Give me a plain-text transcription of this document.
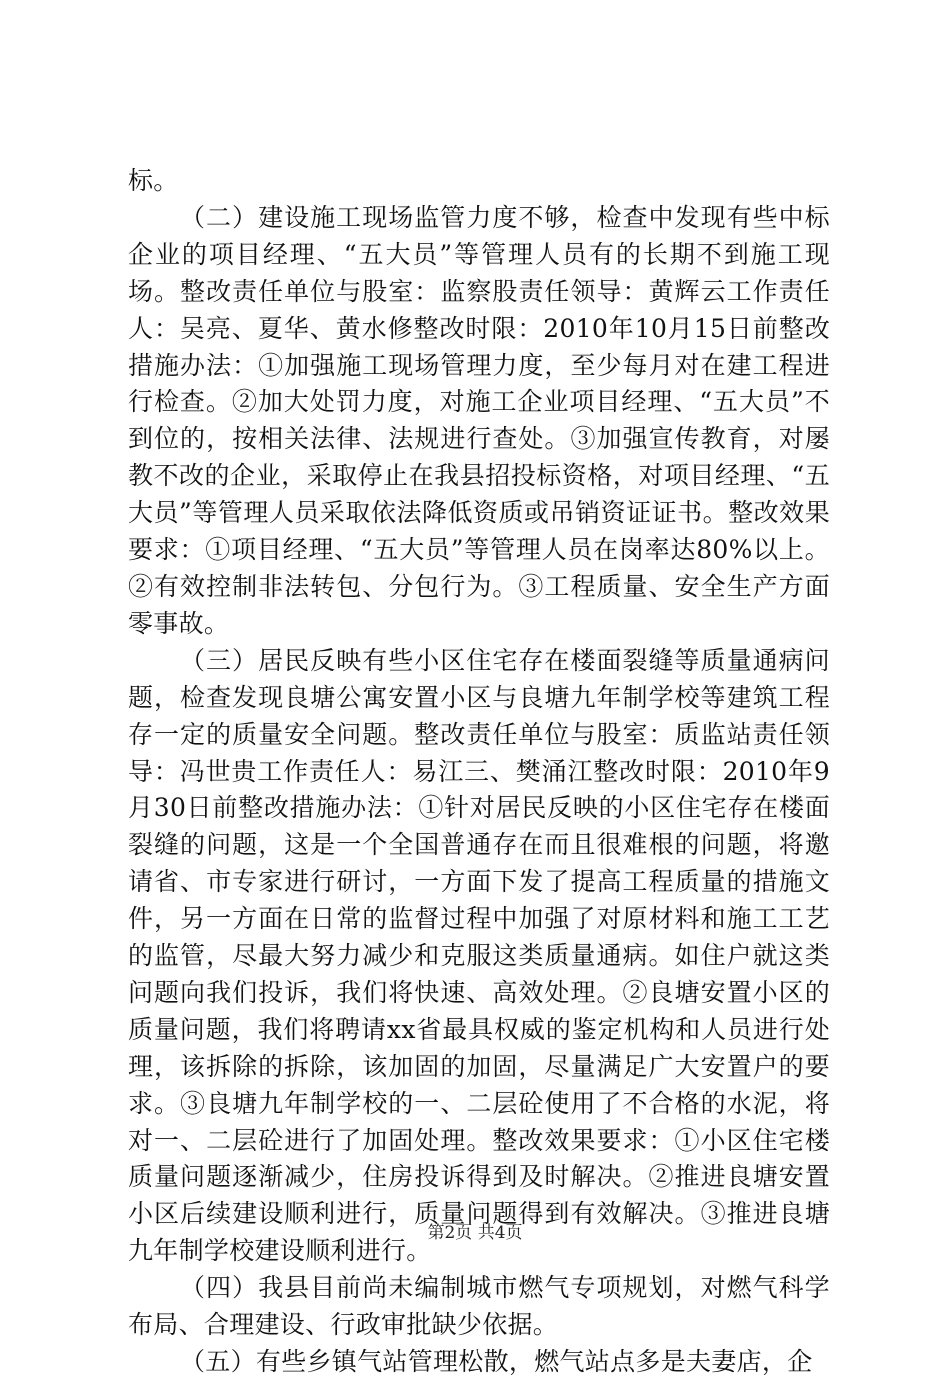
标。

（二）建设施工现场监管力度不够，检查中发现有些中标企业的项目经理、“五大员”等管理人员有的长期不到施工现场。整改责任单位与股室：监察股责任领导：黄辉云工作责任人：吴亮、夏华、黄水修整改时限：2010年10月15日前整改措施办法：①加强施工现场管理力度，至少每月对在建工程进行检查。②加大处罚力度，对施工企业项目经理、“五大员”不到位的，按相关法律、法规进行查处。③加强宣传教育，对屡教不改的企业，采取停止在我县招投标资格，对项目经理、“五大员”等管理人员采取依法降低资质或吊销资证证书。整改效果要求：①项目经理、“五大员”等管理人员在岗率达80%以上。②有效控制非法转包、分包行为。③工程质量、安全生产方面零事故。

（三）居民反映有些小区住宅存在楼面裂缝等质量通病问题，检查发现良塘公寓安置小区与良塘九年制学校等建筑工程存一定的质量安全问题。整改责任单位与股室：质监站责任领导：冯世贵工作责任人：易江三、樊涌江整改时限：2010年9月30日前整改措施办法：①针对居民反映的小区住宅存在楼面裂缝的问题，这是一个全国普通存在而且很难根的问题，将邀请省、市专家进行研讨，一方面下发了提高工程质量的措施文件，另一方面在日常的监督过程中加强了对原材料和施工工艺的监管，尽最大努力减少和克服这类质量通病。如住户就这类问题向我们投诉，我们将快速、高效处理。②良塘安置小区的质量问题，我们将聘请xx省最具权威的鉴定机构和人员进行处理，该拆除的拆除，该加固的加固，尽量满足广大安置户的要求。③良塘九年制学校的一、二层砼使用了不合格的水泥，将对一、二层砼进行了加固处理。整改效果要求：①小区住宅楼质量问题逐渐减少，住房投诉得到及时解决。②推进良塘安置小区后续建设顺利进行，质量问题得到有效解决。③推进良塘九年制学校建设顺利进行。

（四）我县目前尚未编制城市燃气专项规划，对燃气科学布局、合理建设、行政审批缺少依据。

（五）有些乡镇气站管理松散，燃气站点多是夫妻店，企

第2页 共4页
